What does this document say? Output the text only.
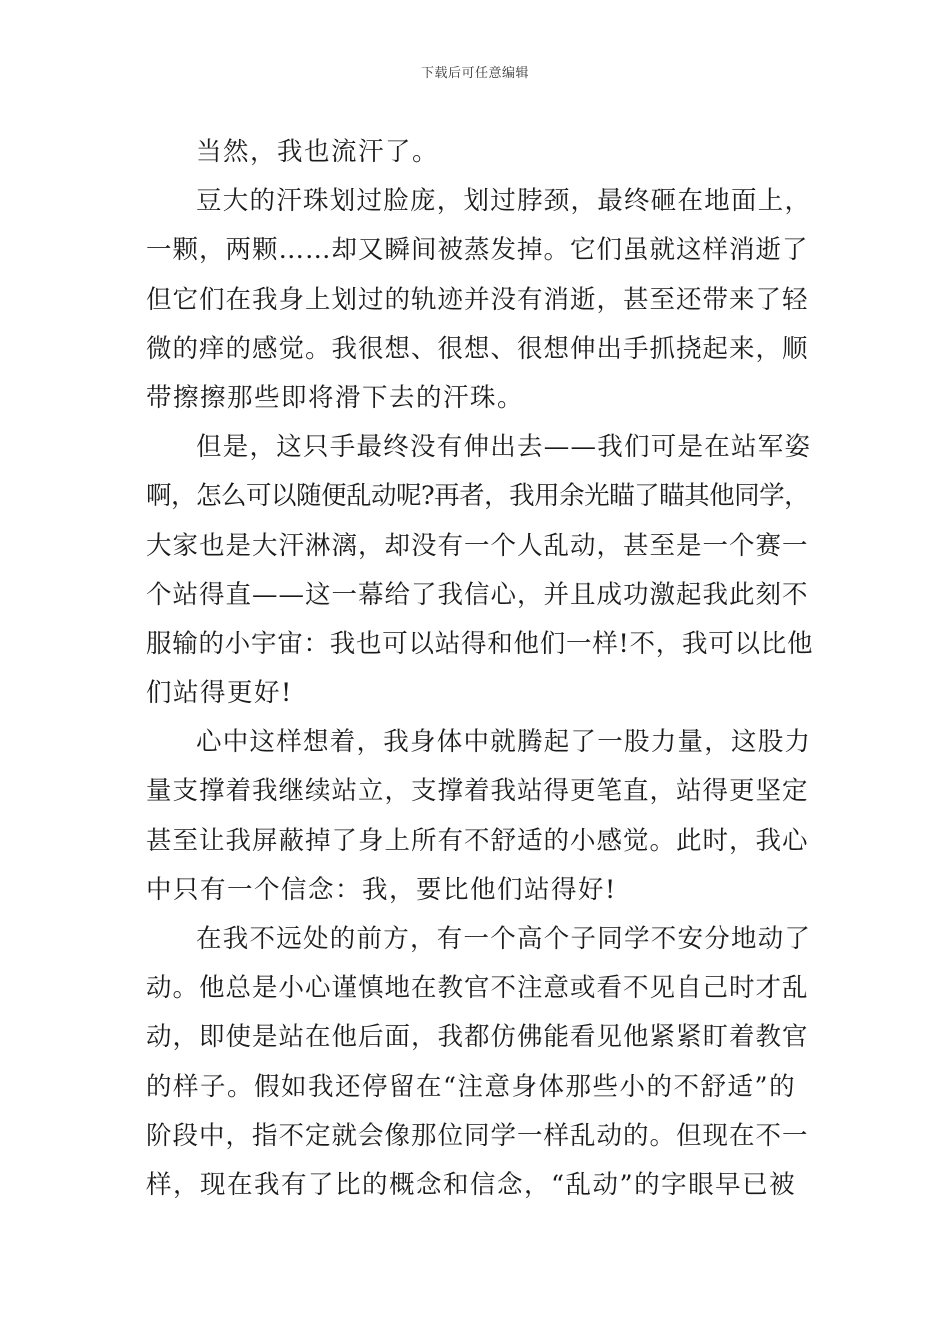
下载后可任意编辑
当然，我也流汗了。
豆大的汗珠划过脸庞，划过脖颈，最终砸在地面上，
一颗，两颗……却又瞬间被蒸发掉。它们虽就这样消逝了
但它们在我身上划过的轨迹并没有消逝，甚至还带来了轻
微的痒的感觉。我很想、很想、很想伸出手抓挠起来，顺
带擦擦那些即将滑下去的汗珠。
但是，这只手最终没有伸出去——我们可是在站军姿
啊，怎么可以随便乱动呢?再者，我用余光瞄了瞄其他同学，
大家也是大汗淋漓，却没有一个人乱动，甚至是一个赛一
个站得直——这一幕给了我信心，并且成功激起我此刻不
服输的小宇宙：我也可以站得和他们一样!不，我可以比他
们站得更好!
心中这样想着，我身体中就腾起了一股力量，这股力
量支撑着我继续站立，支撑着我站得更笔直，站得更坚定
甚至让我屏蔽掉了身上所有不舒适的小感觉。此时，我心
中只有一个信念：我，要比他们站得好!
在我不远处的前方，有一个高个子同学不安分地动了
动。他总是小心谨慎地在教官不注意或看不见自己时才乱
动，即使是站在他后面，我都仿佛能看见他紧紧盯着教官
的样子。假如我还停留在“注意身体那些小的不舒适”的
阶段中，指不定就会像那位同学一样乱动的。但现在不一
样，现在我有了比的概念和信念，“乱动”的字眼早已被
